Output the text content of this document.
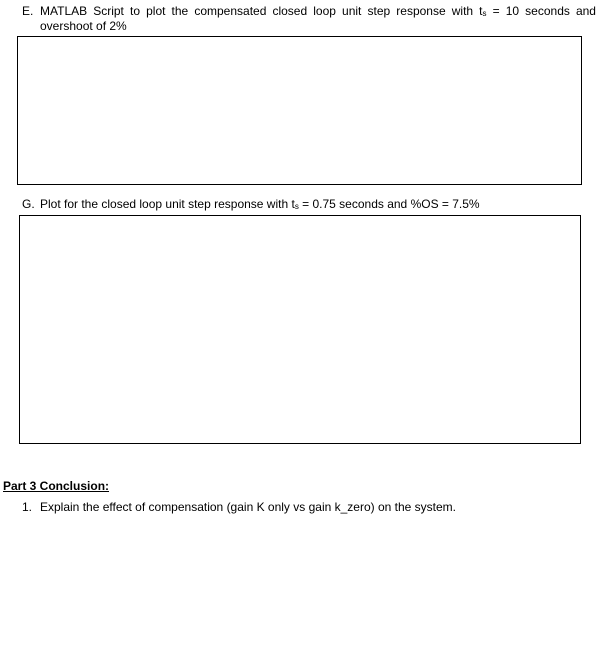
E. MATLAB Script to plot the compensated closed loop unit step response with ts = 10 seconds and overshoot of 2%
G. Plot for the closed loop unit step response with ts = 0.75 seconds and %OS = 7.5%
Part 3 Conclusion:
1. Explain the effect of compensation (gain K only vs gain k_zero) on the system.
